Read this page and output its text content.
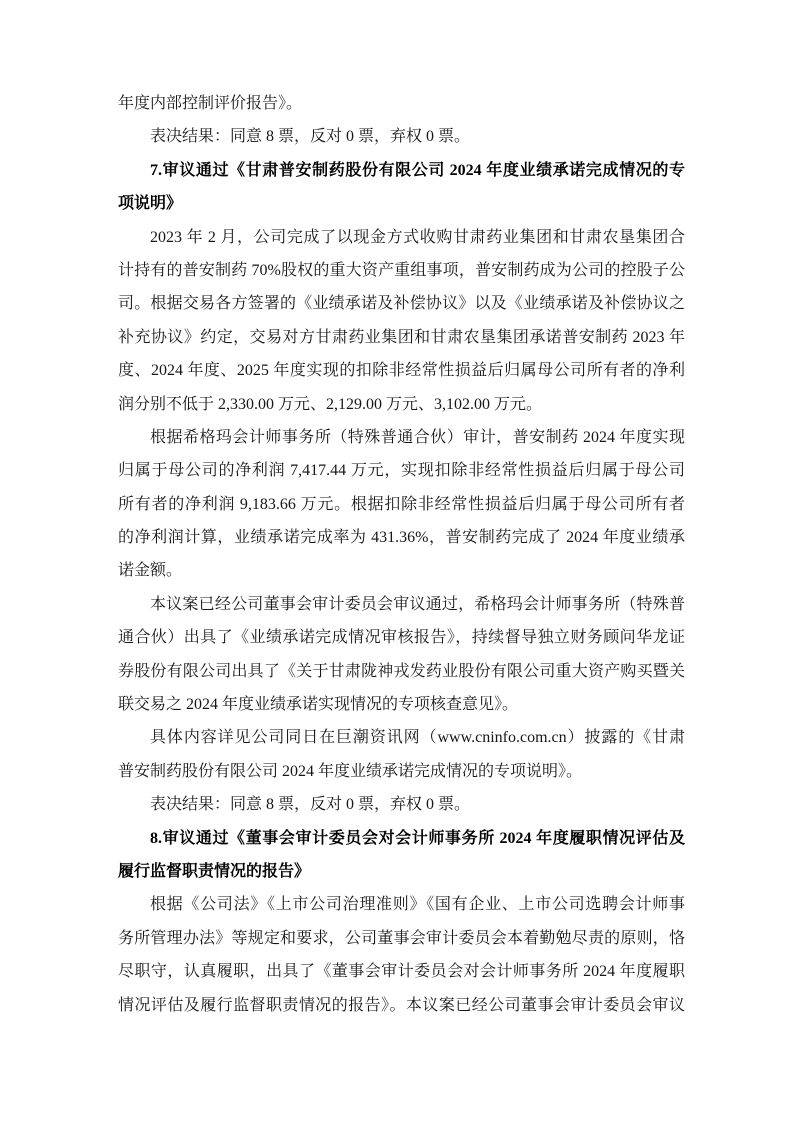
年度内部控制评价报告》。
表决结果：同意 8 票，反对 0 票，弃权 0 票。
7.审议通过《甘肃普安制药股份有限公司 2024 年度业绩承诺完成情况的专
项说明》
2023 年 2 月，公司完成了以现金方式收购甘肃药业集团和甘肃农垦集团合
计持有的普安制药 70%股权的重大资产重组事项，普安制药成为公司的控股子公
司。根据交易各方签署的《业绩承诺及补偿协议》以及《业绩承诺及补偿协议之
补充协议》约定，交易对方甘肃药业集团和甘肃农垦集团承诺普安制药 2023 年
度、2024 年度、2025 年度实现的扣除非经常性损益后归属母公司所有者的净利
润分别不低于 2,330.00 万元、2,129.00 万元、3,102.00 万元。
根据希格玛会计师事务所（特殊普通合伙）审计，普安制药 2024 年度实现
归属于母公司的净利润 7,417.44 万元，实现扣除非经常性损益后归属于母公司
所有者的净利润 9,183.66 万元。根据扣除非经常性损益后归属于母公司所有者
的净利润计算，业绩承诺完成率为 431.36%，普安制药完成了 2024 年度业绩承
诺金额。
本议案已经公司董事会审计委员会审议通过，希格玛会计师事务所（特殊普
通合伙）出具了《业绩承诺完成情况审核报告》，持续督导独立财务顾问华龙证
券股份有限公司出具了《关于甘肃陇神戎发药业股份有限公司重大资产购买暨关
联交易之 2024 年度业绩承诺实现情况的专项核查意见》。
具体内容详见公司同日在巨潮资讯网（www.cninfo.com.cn）披露的《甘肃
普安制药股份有限公司 2024 年度业绩承诺完成情况的专项说明》。
表决结果：同意 8 票，反对 0 票，弃权 0 票。
8.审议通过《董事会审计委员会对会计师事务所 2024 年度履职情况评估及
履行监督职责情况的报告》
根据《公司法》《上市公司治理准则》《国有企业、上市公司选聘会计师事
务所管理办法》等规定和要求，公司董事会审计委员会本着勤勉尽责的原则，恪
尽职守，认真履职，出具了《董事会审计委员会对会计师事务所 2024 年度履职
情况评估及履行监督职责情况的报告》。本议案已经公司董事会审计委员会审议
